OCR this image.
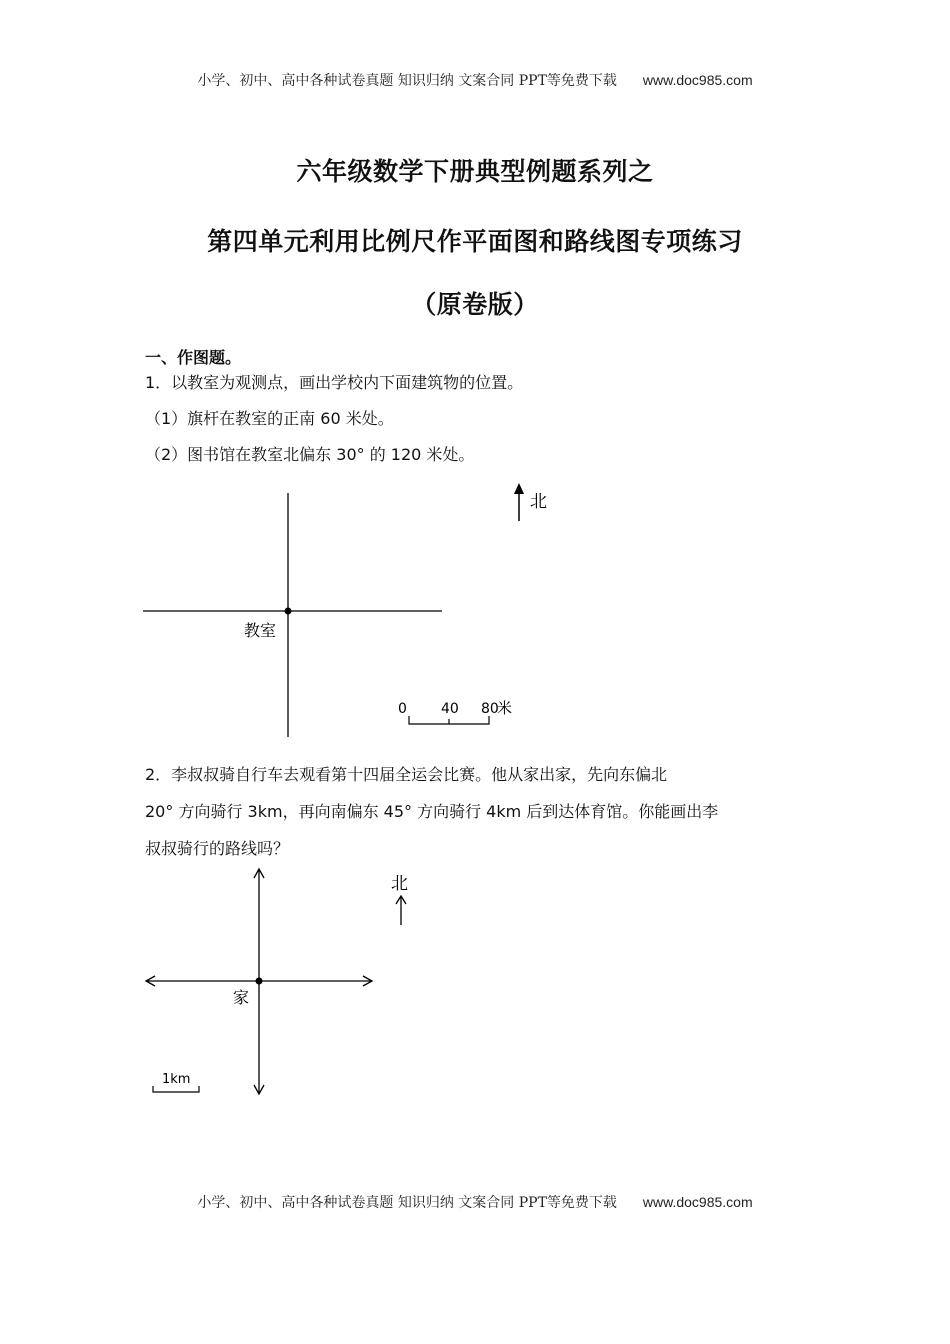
小学、初中、高中各种试卷真题 知识归纳 文案合同 PPT等免费下载 www.doc985.com
六年级数学下册典型例题系列之
第四单元利用比例尺作平面图和路线图专项练习
（原卷版）
一、作图题。
1．以教室为观测点，画出学校内下面建筑物的位置。
（1）旗杆在教室的正南 60 米处。
（2）图书馆在教室北偏东 30° 的 120 米处。
教室
北
0 40 80
米
2．李叔叔骑自行车去观看第十四届全运会比赛。他从家出家，先向东偏北
20° 方向骑行 3km，再向南偏东 45° 方向骑行 4km 后到达体育馆。你能画出李
叔叔骑行的路线吗？
家
北
1km
小学、初中、高中各种试卷真题 知识归纳 文案合同 PPT等免费下载 www.doc985.com
